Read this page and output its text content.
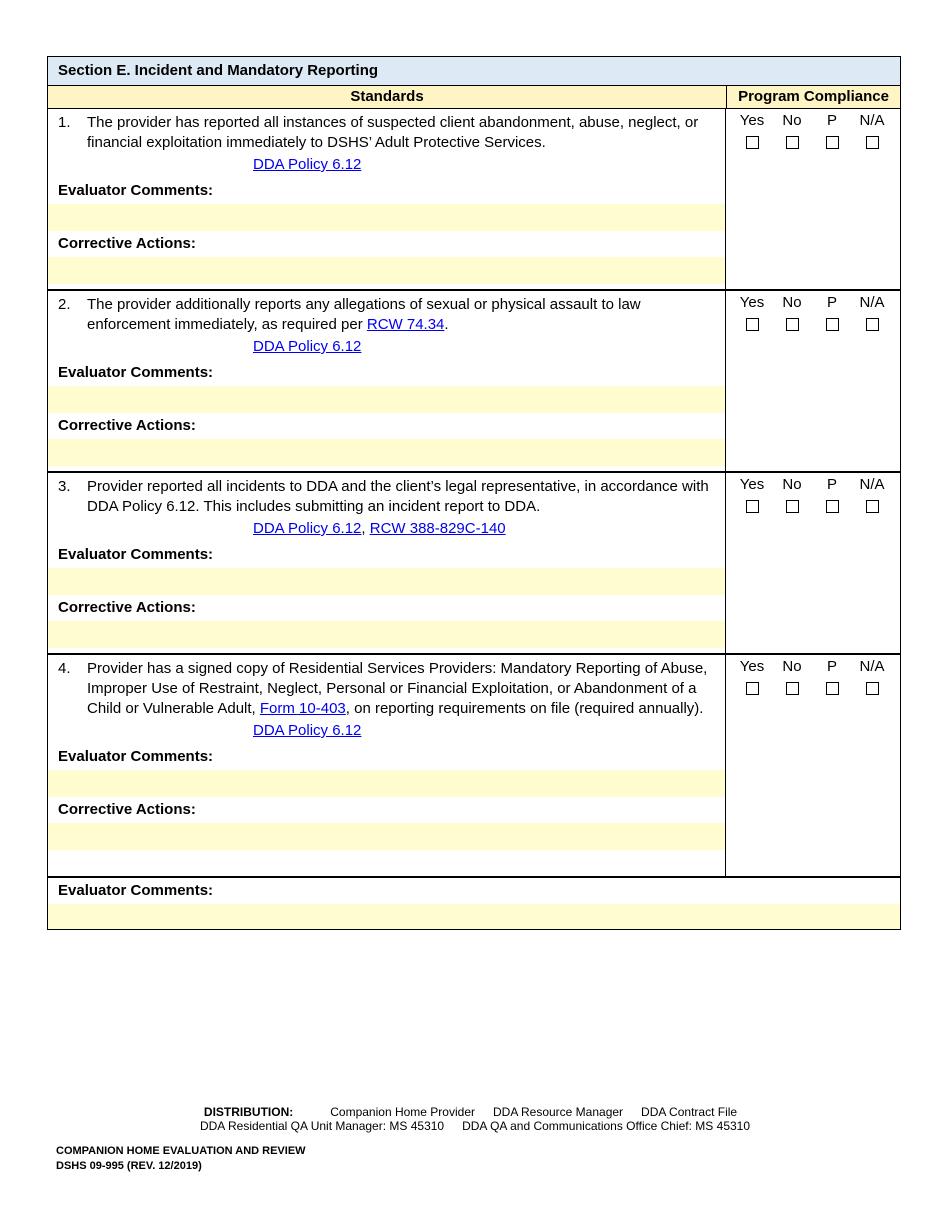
Section E. Incident and Mandatory Reporting
Standards	Program Compliance
1.	The provider has reported all instances of suspected client abandonment, abuse, neglect, or financial exploitation immediately to DSHS’ Adult Protective Services.
DDA Policy 6.12
Evaluator Comments:
Corrective Actions:
Yes	No	P	N/A
2.	The provider additionally reports any allegations of sexual or physical assault to law enforcement immediately, as required per RCW 74.34.
DDA Policy 6.12
Evaluator Comments:
Corrective Actions:
Yes	No	P	N/A
3.	Provider reported all incidents to DDA and the client’s legal representative, in accordance with DDA Policy 6.12. This includes submitting an incident report to DDA.
DDA Policy 6.12, RCW 388-829C-140
Evaluator Comments:
Corrective Actions:
Yes	No	P	N/A
4.	Provider has a signed copy of Residential Services Providers: Mandatory Reporting of Abuse, Improper Use of Restraint, Neglect, Personal or Financial Exploitation, or Abandonment of a Child or Vulnerable Adult, Form 10-403, on reporting requirements on file (required annually).
DDA Policy 6.12
Evaluator Comments:
Corrective Actions:
Yes	No	P	N/A
Evaluator Comments:
DISTRIBUTION:	Companion Home Provider DDA Resource Manager DDA Contract File
DDA Residential QA Unit Manager: MS 45310 DDA QA and Communications Office Chief: MS 45310
COMPANION HOME EVALUATION AND REVIEW
DSHS 09-995 (REV. 12/2019)
